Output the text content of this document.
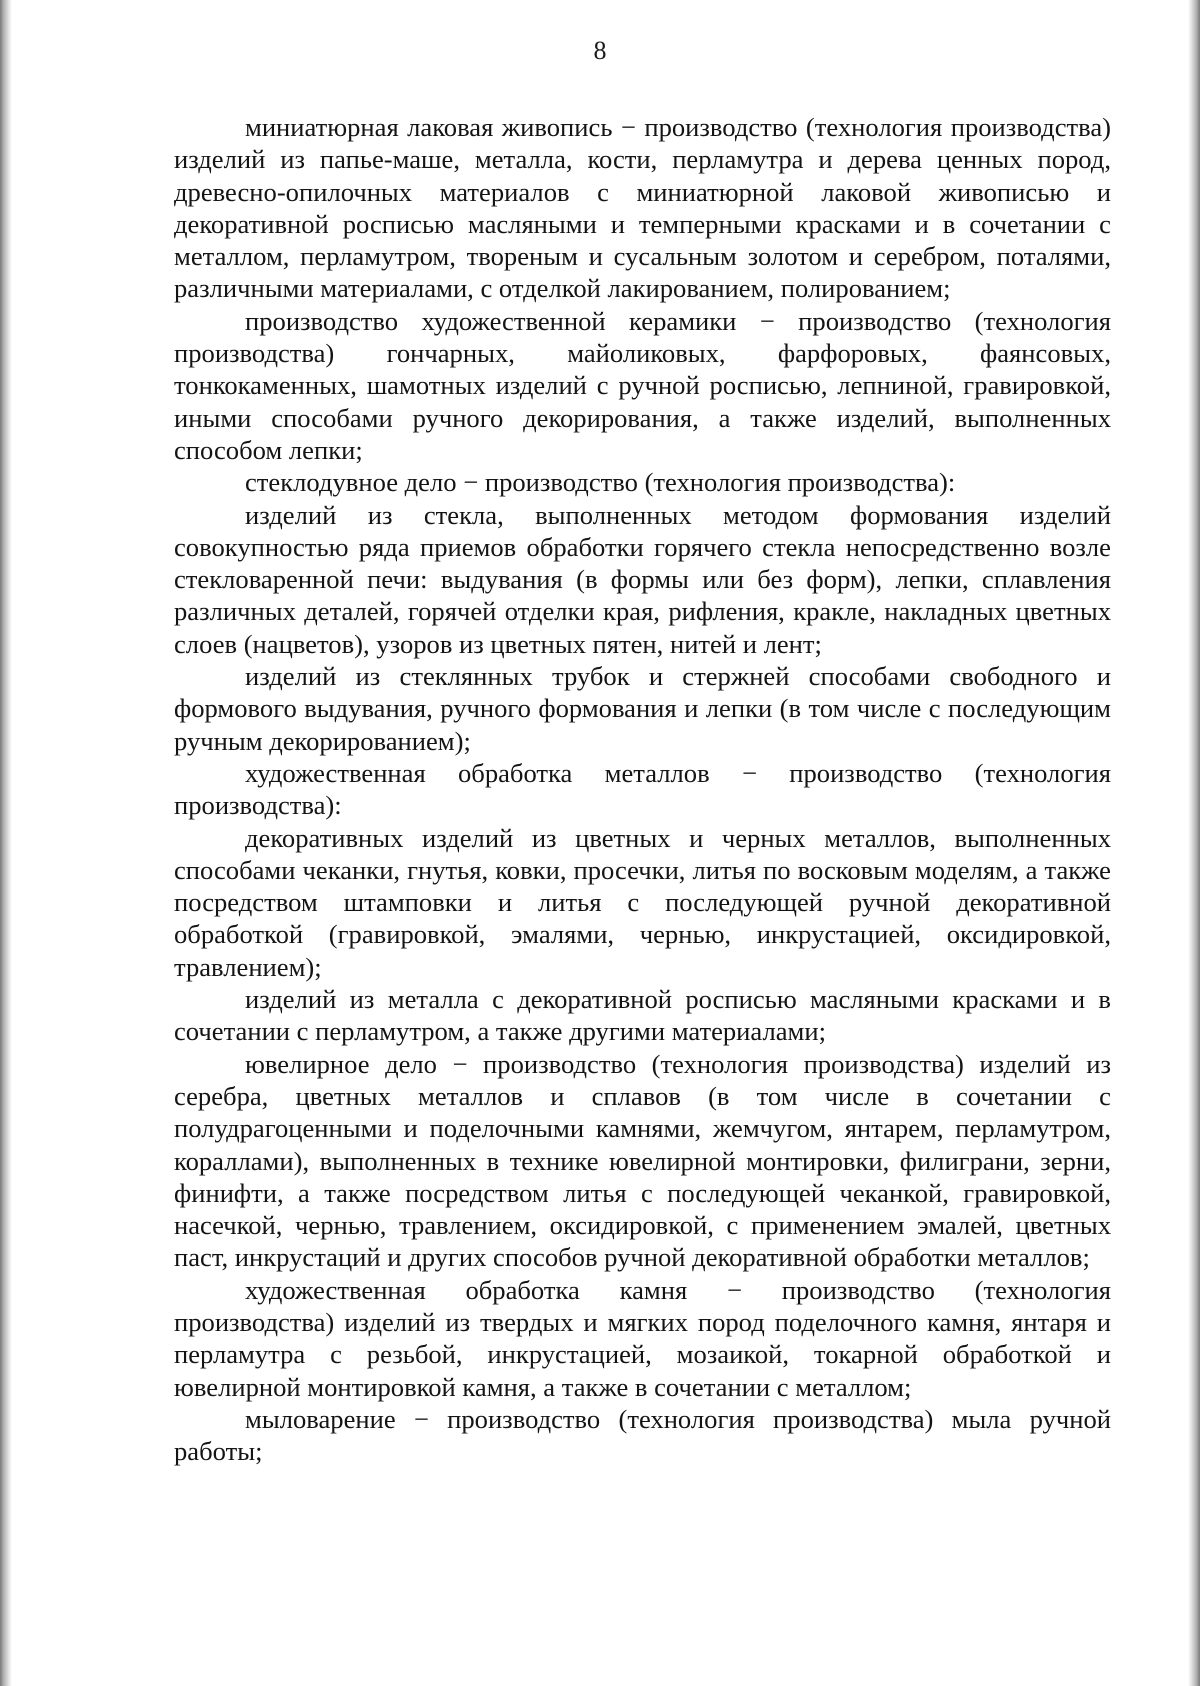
8

миниатюрная лаковая живопись − производство (технология производства) изделий из папье-маше, металла, кости, перламутра и дерева ценных пород, древесно-опилочных материалов с миниатюрной лаковой живописью и декоративной росписью масляными и темперными красками и в сочетании с металлом, перламутром, твореным и сусальным золотом и серебром, поталями, различными материалами, с отделкой лакированием, полированием;

производство художественной керамики − производство (технология производства) гончарных, майоликовых, фарфоровых, фаянсовых, тонкокаменных, шамотных изделий с ручной росписью, лепниной, гравировкой, иными способами ручного декорирования, а также изделий, выполненных способом лепки;

стеклодувное дело − производство (технология производства):

изделий из стекла, выполненных методом формования изделий совокупностью ряда приемов обработки горячего стекла непосредственно возле стекловаренной печи: выдувания (в формы или без форм), лепки, сплавления различных деталей, горячей отделки края, рифления, кракле, накладных цветных слоев (нацветов), узоров из цветных пятен, нитей и лент;

изделий из стеклянных трубок и стержней способами свободного и формового выдувания, ручного формования и лепки (в том числе с последующим ручным декорированием);

художественная обработка металлов − производство (технология производства):

декоративных изделий из цветных и черных металлов, выполненных способами чеканки, гнутья, ковки, просечки, литья по восковым моделям, а также посредством штамповки и литья с последующей ручной декоративной обработкой (гравировкой, эмалями, чернью, инкрустацией, оксидировкой, травлением);

изделий из металла с декоративной росписью масляными красками и в сочетании с перламутром, а также другими материалами;

ювелирное дело − производство (технология производства) изделий из серебра, цветных металлов и сплавов (в том числе в сочетании с полудрагоценными и поделочными камнями, жемчугом, янтарем, перламутром, кораллами), выполненных в технике ювелирной монтировки, филиграни, зерни, финифти, а также посредством литья с последующей чеканкой, гравировкой, насечкой, чернью, травлением, оксидировкой, с применением эмалей, цветных паст, инкрустаций и других способов ручной декоративной обработки металлов;

художественная обработка камня − производство (технология производства) изделий из твердых и мягких пород поделочного камня, янтаря и перламутра с резьбой, инкрустацией, мозаикой, токарной обработкой и ювелирной монтировкой камня, а также в сочетании с металлом;

мыловарение − производство (технология производства) мыла ручной работы;
